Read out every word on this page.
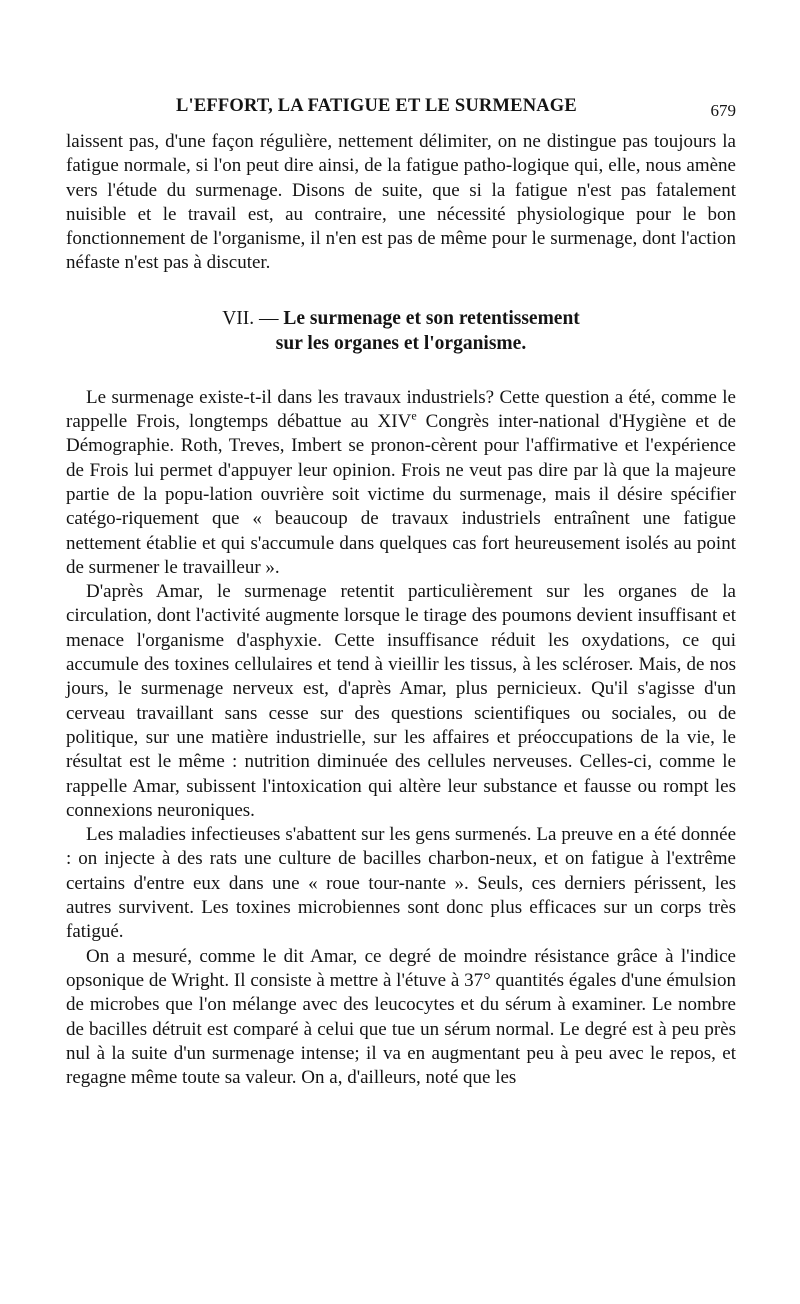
L'EFFORT, LA FATIGUE ET LE SURMENAGE	679

laissent pas, d'une façon régulière, nettement délimiter, on ne distingue pas toujours la fatigue normale, si l'on peut dire ainsi, de la fatigue patho-logique qui, elle, nous amène vers l'étude du surmenage. Disons de suite, que si la fatigue n'est pas fatalement nuisible et le travail est, au contraire, une nécessité physiologique pour le bon fonctionnement de l'organisme, il n'en est pas de même pour le surmenage, dont l'action néfaste n'est pas à discuter.

VII. — Le surmenage et son retentissement
sur les organes et l'organisme.

Le surmenage existe-t-il dans les travaux industriels? Cette question a été, comme le rappelle Frois, longtemps débattue au XIVe Congrès inter-national d'Hygiène et de Démographie. Roth, Treves, Imbert se pronon-cèrent pour l'affirmative et l'expérience de Frois lui permet d'appuyer leur opinion. Frois ne veut pas dire par là que la majeure partie de la popu-lation ouvrière soit victime du surmenage, mais il désire spécifier catégo-riquement que « beaucoup de travaux industriels entraînent une fatigue nettement établie et qui s'accumule dans quelques cas fort heureusement isolés au point de surmener le travailleur ».

D'après Amar, le surmenage retentit particulièrement sur les organes de la circulation, dont l'activité augmente lorsque le tirage des poumons devient insuffisant et menace l'organisme d'asphyxie. Cette insuffisance réduit les oxydations, ce qui accumule des toxines cellulaires et tend à vieillir les tissus, à les scléroser. Mais, de nos jours, le surmenage nerveux est, d'après Amar, plus pernicieux. Qu'il s'agisse d'un cerveau travaillant sans cesse sur des questions scientifiques ou sociales, ou de politique, sur une matière industrielle, sur les affaires et préoccupations de la vie, le résultat est le même : nutrition diminuée des cellules nerveuses. Celles-ci, comme le rappelle Amar, subissent l'intoxication qui altère leur substance et fausse ou rompt les connexions neuroniques.

Les maladies infectieuses s'abattent sur les gens surmenés. La preuve en a été donnée : on injecte à des rats une culture de bacilles charbon-neux, et on fatigue à l'extrême certains d'entre eux dans une « roue tour-nante ». Seuls, ces derniers périssent, les autres survivent. Les toxines microbiennes sont donc plus efficaces sur un corps très fatigué.

On a mesuré, comme le dit Amar, ce degré de moindre résistance grâce à l'indice opsonique de Wright. Il consiste à mettre à l'étuve à 37° quantités égales d'une émulsion de microbes que l'on mélange avec des leucocytes et du sérum à examiner. Le nombre de bacilles détruit est comparé à celui que tue un sérum normal. Le degré est à peu près nul à la suite d'un surmenage intense; il va en augmentant peu à peu avec le repos, et regagne même toute sa valeur. On a, d'ailleurs, noté que les
